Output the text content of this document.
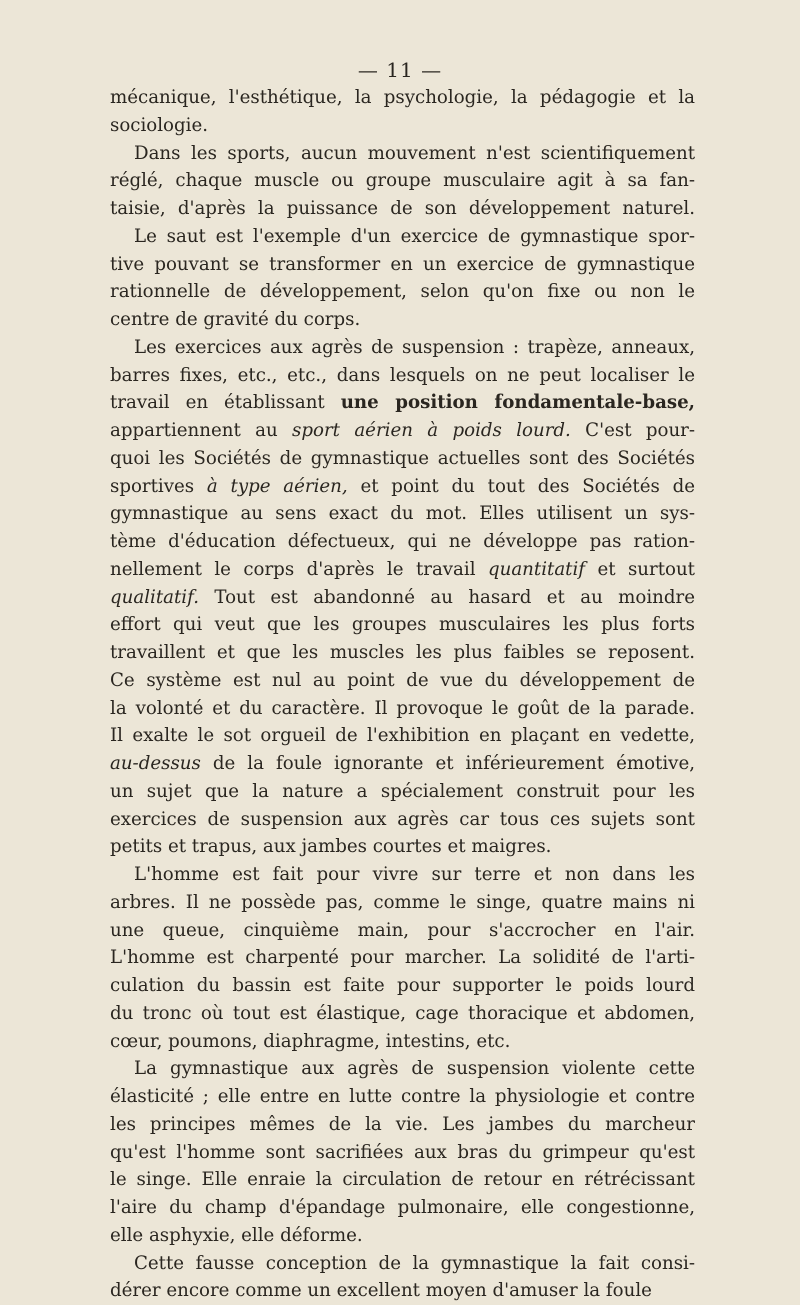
— 11 —
mécanique, l'esthétique, la psychologie, la pédagogie et la
sociologie.
Dans les sports, aucun mouvement n'est scientifiquement
réglé, chaque muscle ou groupe musculaire agit à sa fan-
taisie, d'après la puissance de son développement naturel.
Le saut est l'exemple d'un exercice de gymnastique spor-
tive pouvant se transformer en un exercice de gymnastique
rationnelle de développement, selon qu'on fixe ou non le
centre de gravité du corps.
Les exercices aux agrès de suspension : trapèze, anneaux,
barres fixes, etc., etc., dans lesquels on ne peut localiser le
travail en établissant une position fondamentale-base,
appartiennent au sport aérien à poids lourd. C'est pour-
quoi les Sociétés de gymnastique actuelles sont des Sociétés
sportives à type aérien, et point du tout des Sociétés de
gymnastique au sens exact du mot. Elles utilisent un sys-
tème d'éducation défectueux, qui ne développe pas ration-
nellement le corps d'après le travail quantitatif et surtout
qualitatif. Tout est abandonné au hasard et au moindre
effort qui veut que les groupes musculaires les plus forts
travaillent et que les muscles les plus faibles se reposent.
Ce système est nul au point de vue du développement de
la volonté et du caractère. Il provoque le goût de la parade.
Il exalte le sot orgueil de l'exhibition en plaçant en vedette,
au-dessus de la foule ignorante et inférieurement émotive,
un sujet que la nature a spécialement construit pour les
exercices de suspension aux agrès car tous ces sujets sont
petits et trapus, aux jambes courtes et maigres.
L'homme est fait pour vivre sur terre et non dans les
arbres. Il ne possède pas, comme le singe, quatre mains ni
une queue, cinquième main, pour s'accrocher en l'air.
L'homme est charpenté pour marcher. La solidité de l'arti-
culation du bassin est faite pour supporter le poids lourd
du tronc où tout est élastique, cage thoracique et abdomen,
cœur, poumons, diaphragme, intestins, etc.
La gymnastique aux agrès de suspension violente cette
élasticité ; elle entre en lutte contre la physiologie et contre
les principes mêmes de la vie. Les jambes du marcheur
qu'est l'homme sont sacrifiées aux bras du grimpeur qu'est
le singe. Elle enraie la circulation de retour en rétrécissant
l'aire du champ d'épandage pulmonaire, elle congestionne,
elle asphyxie, elle déforme.
Cette fausse conception de la gymnastique la fait consi-
dérer encore comme un excellent moyen d'amuser la foule
